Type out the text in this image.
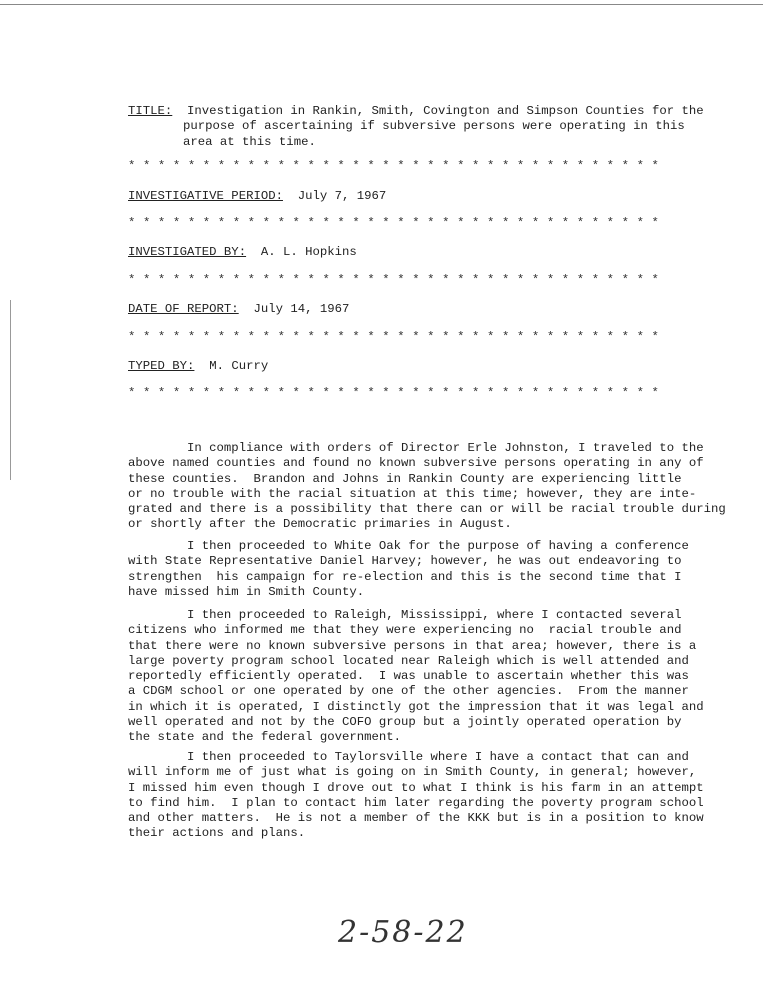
TITLE: Investigation in Rankin, Smith, Covington and Simpson Counties for the
purpose of ascertaining if subversive persons were operating in this
area at this time.
* * * * * * * * * * * * * * * * * * * * * * * * * * * * * * * * * * * *
INVESTIGATIVE PERIOD: July 7, 1967
* * * * * * * * * * * * * * * * * * * * * * * * * * * * * * * * * * * *
INVESTIGATED BY: A. L. Hopkins
* * * * * * * * * * * * * * * * * * * * * * * * * * * * * * * * * * * *
DATE OF REPORT: July 14, 1967
* * * * * * * * * * * * * * * * * * * * * * * * * * * * * * * * * * * *
TYPED BY: M. Curry
* * * * * * * * * * * * * * * * * * * * * * * * * * * * * * * * * * * *
In compliance with orders of Director Erle Johnston, I traveled to the
above named counties and found no known subversive persons operating in any of
these counties.  Brandon and Johns in Rankin County are experiencing little
or no trouble with the racial situation at this time; however, they are inte-
grated and there is a possibility that there can or will be racial trouble during
or shortly after the Democratic primaries in August.
I then proceeded to White Oak for the purpose of having a conference
with State Representative Daniel Harvey; however, he was out endeavoring to
strengthen  his campaign for re-election and this is the second time that I
have missed him in Smith County.
I then proceeded to Raleigh, Mississippi, where I contacted several
citizens who informed me that they were experiencing no  racial trouble and
that there were no known subversive persons in that area; however, there is a
large poverty program school located near Raleigh which is well attended and
reportedly efficiently operated.  I was unable to ascertain whether this was
a CDGM school or one operated by one of the other agencies.  From the manner
in which it is operated, I distinctly got the impression that it was legal and
well operated and not by the COFO group but a jointly operated operation by
the state and the federal government.
I then proceeded to Taylorsville where I have a contact that can and
will inform me of just what is going on in Smith County, in general; however,
I missed him even though I drove out to what I think is his farm in an attempt
to find him.  I plan to contact him later regarding the poverty program school
and other matters.  He is not a member of the KKK but is in a position to know
their actions and plans.
2-58-22
